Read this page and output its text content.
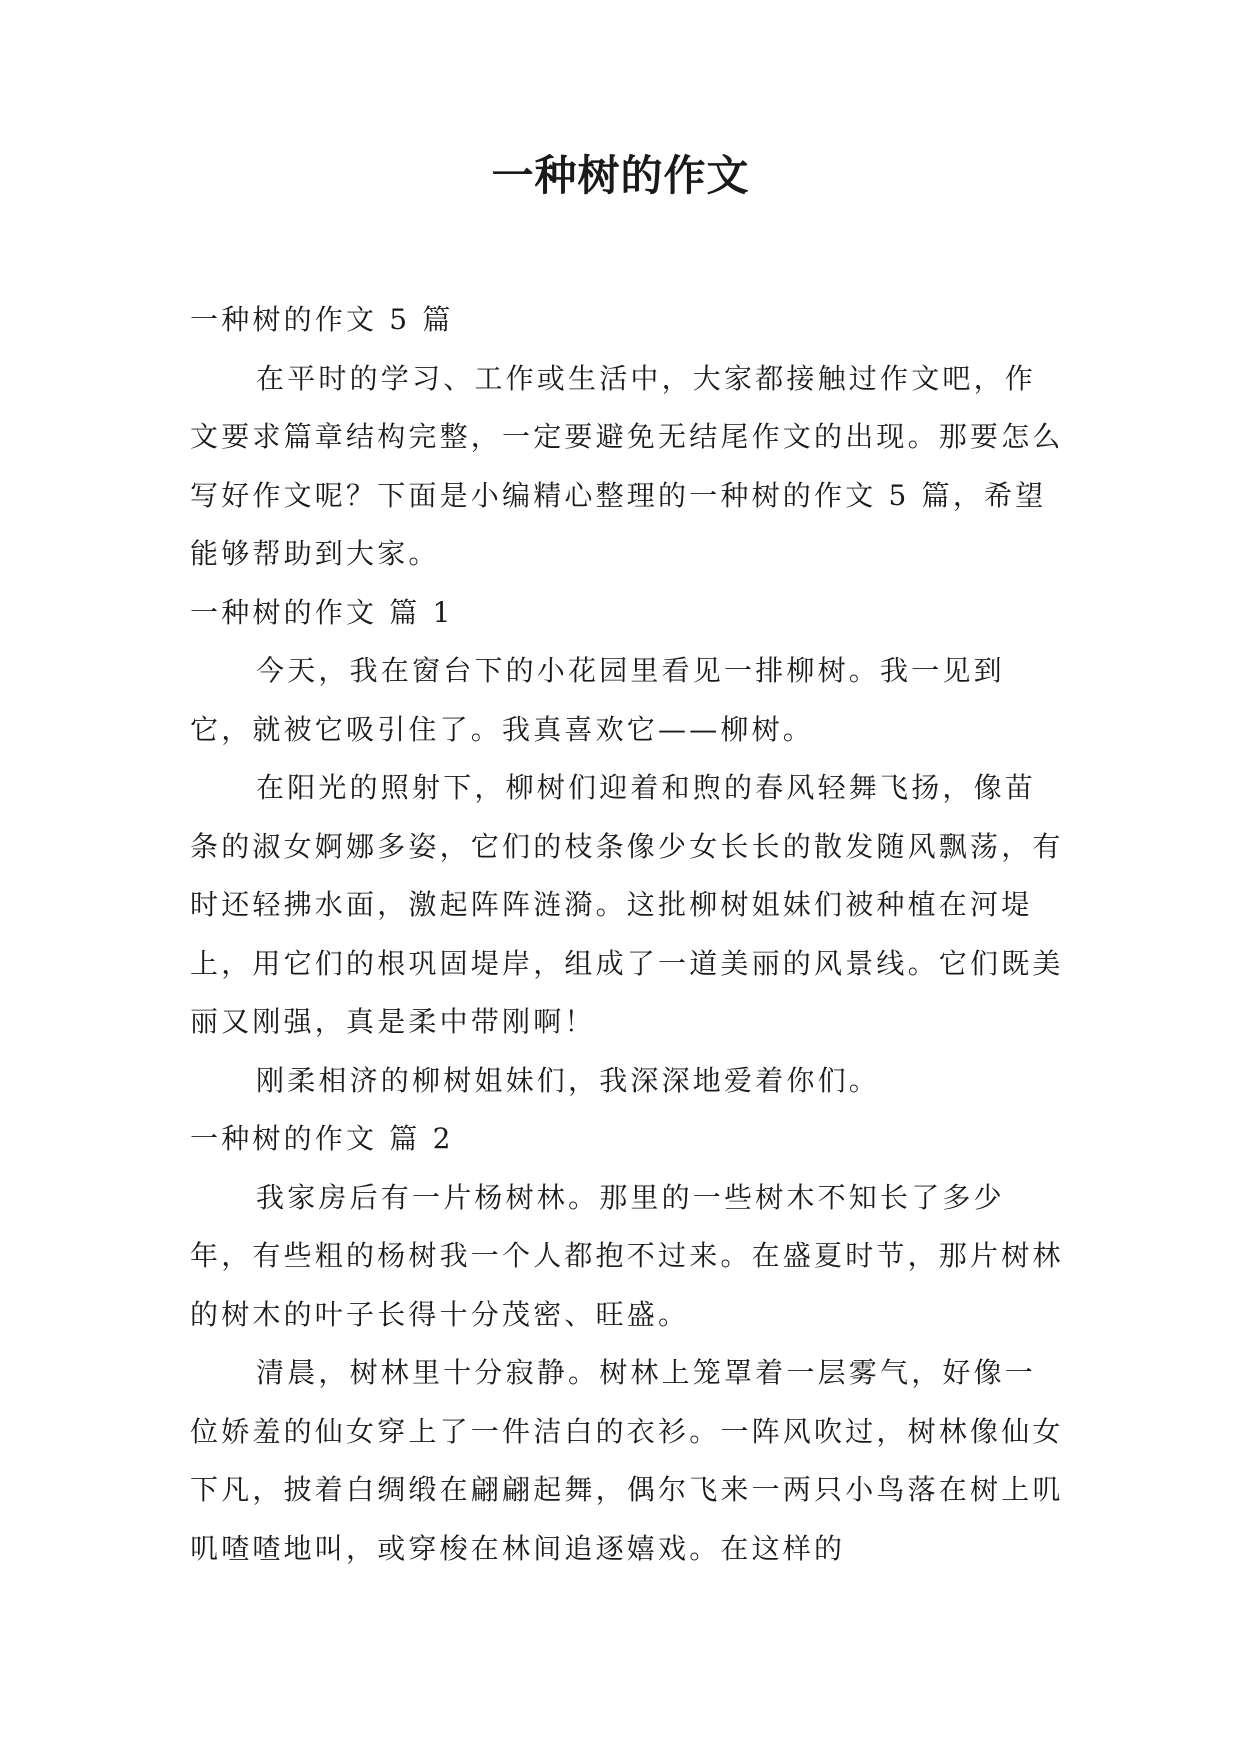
一种树的作文

一种树的作文 5 篇

在平时的学习、工作或生活中，大家都接触过作文吧，作文要求篇章结构完整，一定要避免无结尾作文的出现。那要怎么写好作文呢？下面是小编精心整理的一种树的作文 5 篇，希望能够帮助到大家。

一种树的作文 篇 1

今天，我在窗台下的小花园里看见一排柳树。我一见到它，就被它吸引住了。我真喜欢它——柳树。

在阳光的照射下，柳树们迎着和煦的春风轻舞飞扬，像苗条的淑女婀娜多姿，它们的枝条像少女长长的散发随风飘荡，有时还轻拂水面，激起阵阵涟漪。这批柳树姐妹们被种植在河堤上，用它们的根巩固堤岸，组成了一道美丽的风景线。它们既美丽又刚强，真是柔中带刚啊！

刚柔相济的柳树姐妹们，我深深地爱着你们。

一种树的作文 篇 2

我家房后有一片杨树林。那里的一些树木不知长了多少年，有些粗的杨树我一个人都抱不过来。在盛夏时节，那片树林的树木的叶子长得十分茂密、旺盛。

清晨，树林里十分寂静。树林上笼罩着一层雾气，好像一位娇羞的仙女穿上了一件洁白的衣衫。一阵风吹过，树林像仙女下凡，披着白绸缎在翩翩起舞，偶尔飞来一两只小鸟落在树上叽叽喳喳地叫，或穿梭在林间追逐嬉戏。在这样的
